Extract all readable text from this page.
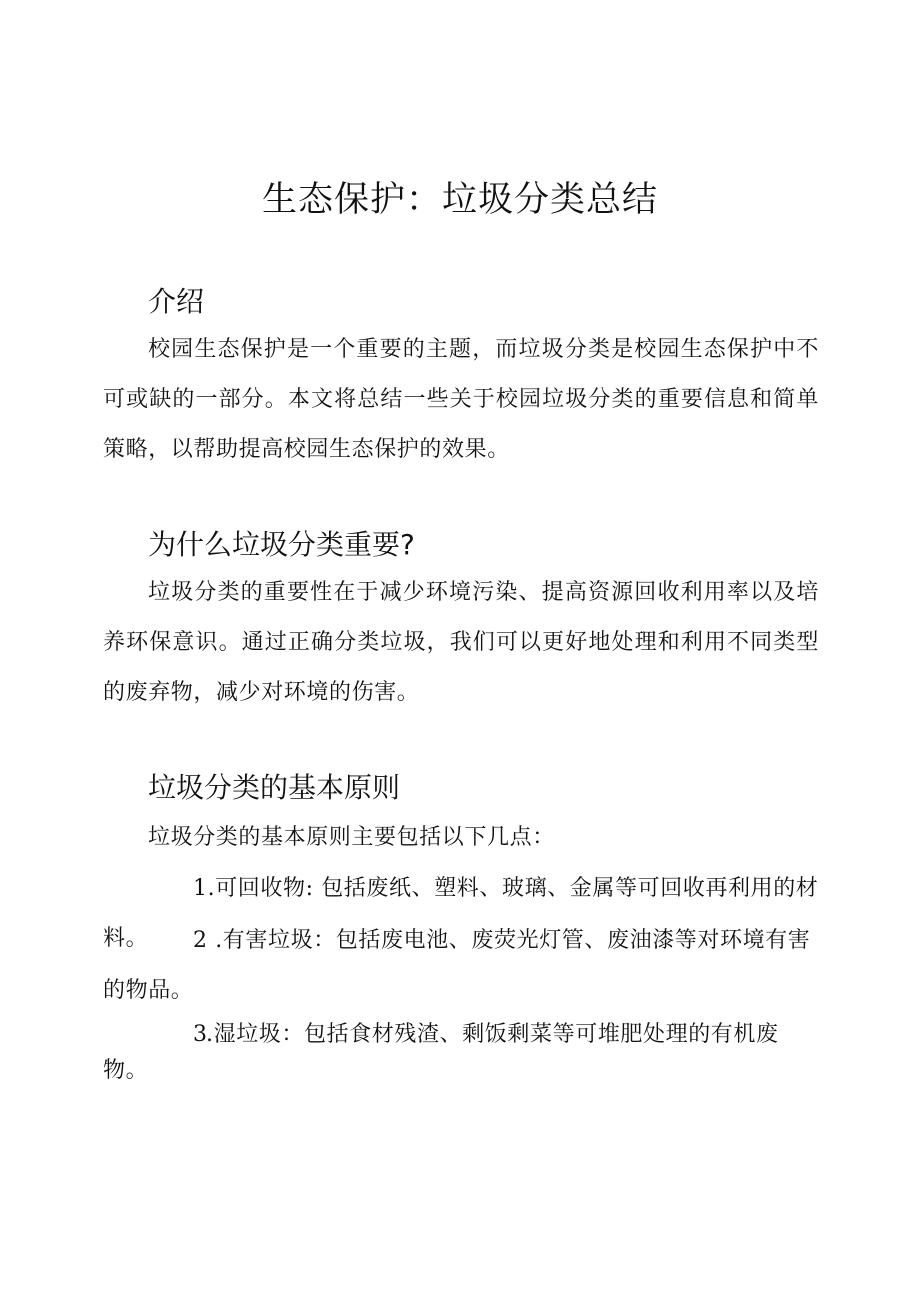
生态保护：垃圾分类总结
介绍

校园生态保护是一个重要的主题，而垃圾分类是校园生态保护中不可或缺的一部分。本文将总结一些关于校园垃圾分类的重要信息和简单策略，以帮助提高校园生态保护的效果。

为什么垃圾分类重要?

垃圾分类的重要性在于减少环境污染、提高资源回收利用率以及培养环保意识。通过正确分类垃圾，我们可以更好地处理和利用不同类型的废弃物，减少对环境的伤害。

垃圾分类的基本原则

垃圾分类的基本原则主要包括以下几点：

1.可回收物: 包括废纸、塑料、玻璃、金属等可回收再利用的材料。	2 .有害垃圾：包括废电池、废荧光灯管、废油漆等对环境有害的物品。

3.湿垃圾：包括食材残渣、剩饭剩菜等可堆肥处理的有机废物。
